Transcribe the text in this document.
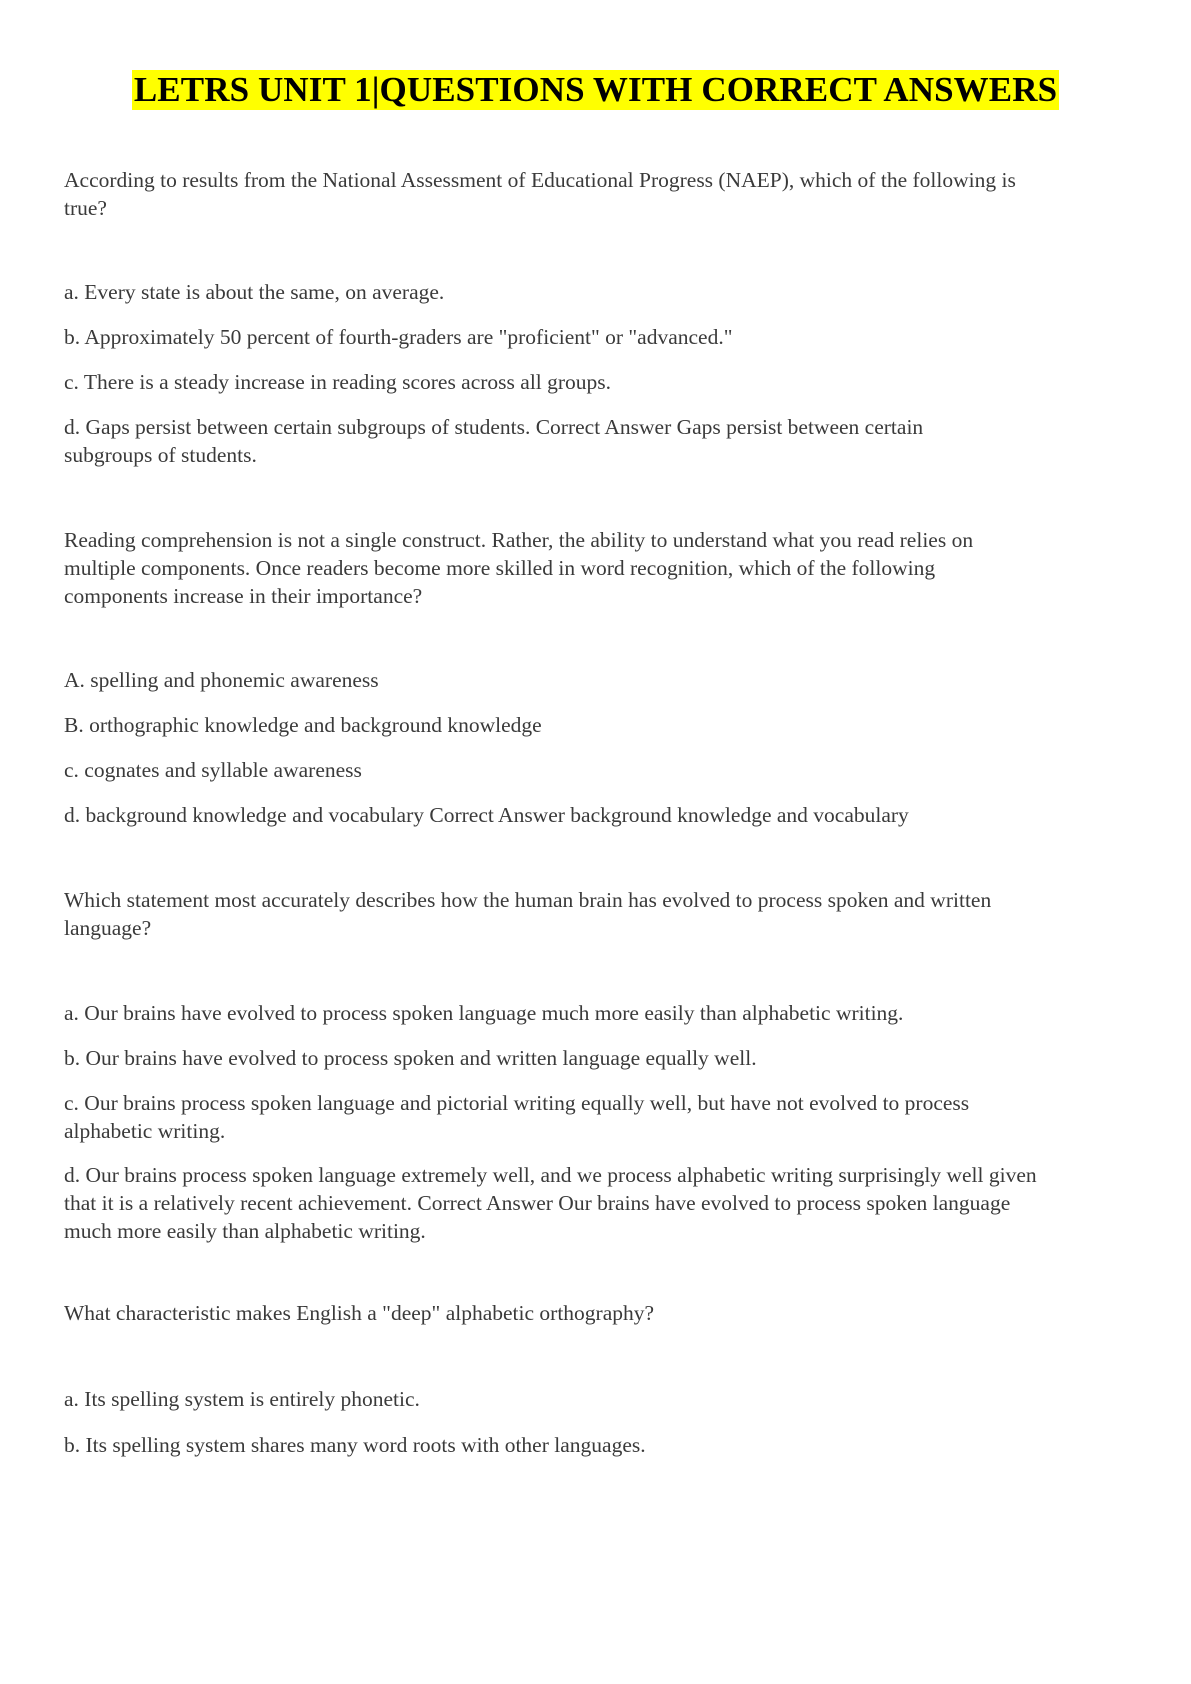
LETRS UNIT 1|QUESTIONS WITH CORRECT ANSWERS

According to results from the National Assessment of Educational Progress (NAEP), which of the following is true?

a. Every state is about the same, on average.
b. Approximately 50 percent of fourth-graders are "proficient" or "advanced."
c. There is a steady increase in reading scores across all groups.
d. Gaps persist between certain subgroups of students. Correct Answer Gaps persist between certain subgroups of students.

Reading comprehension is not a single construct. Rather, the ability to understand what you read relies on multiple components. Once readers become more skilled in word recognition, which of the following components increase in their importance?

A. spelling and phonemic awareness
B. orthographic knowledge and background knowledge
c. cognates and syllable awareness
d. background knowledge and vocabulary Correct Answer background knowledge and vocabulary

Which statement most accurately describes how the human brain has evolved to process spoken and written language?

a. Our brains have evolved to process spoken language much more easily than alphabetic writing.
b. Our brains have evolved to process spoken and written language equally well.
c. Our brains process spoken language and pictorial writing equally well, but have not evolved to process alphabetic writing.
d. Our brains process spoken language extremely well, and we process alphabetic writing surprisingly well given that it is a relatively recent achievement. Correct Answer Our brains have evolved to process spoken language much more easily than alphabetic writing.

What characteristic makes English a "deep" alphabetic orthography?

a. Its spelling system is entirely phonetic.
b. Its spelling system shares many word roots with other languages.
